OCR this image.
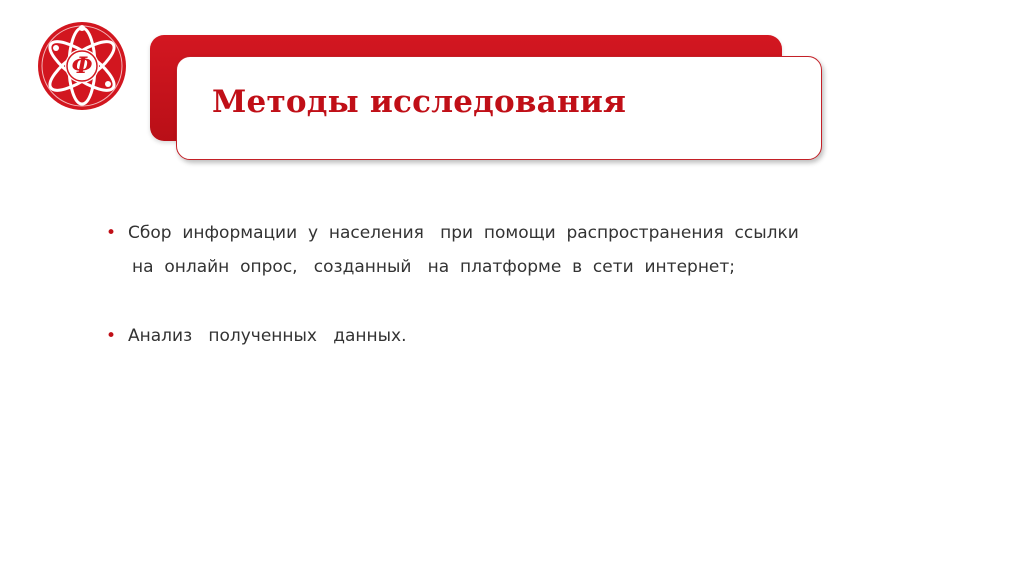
Ф
Методы исследования
• Сбор  информации  у  населения   при  помощи  распространения  ссылки
на  онлайн  опрос,   созданный   на  платформе  в  сети  интернет;
• Анализ   полученных   данных.
